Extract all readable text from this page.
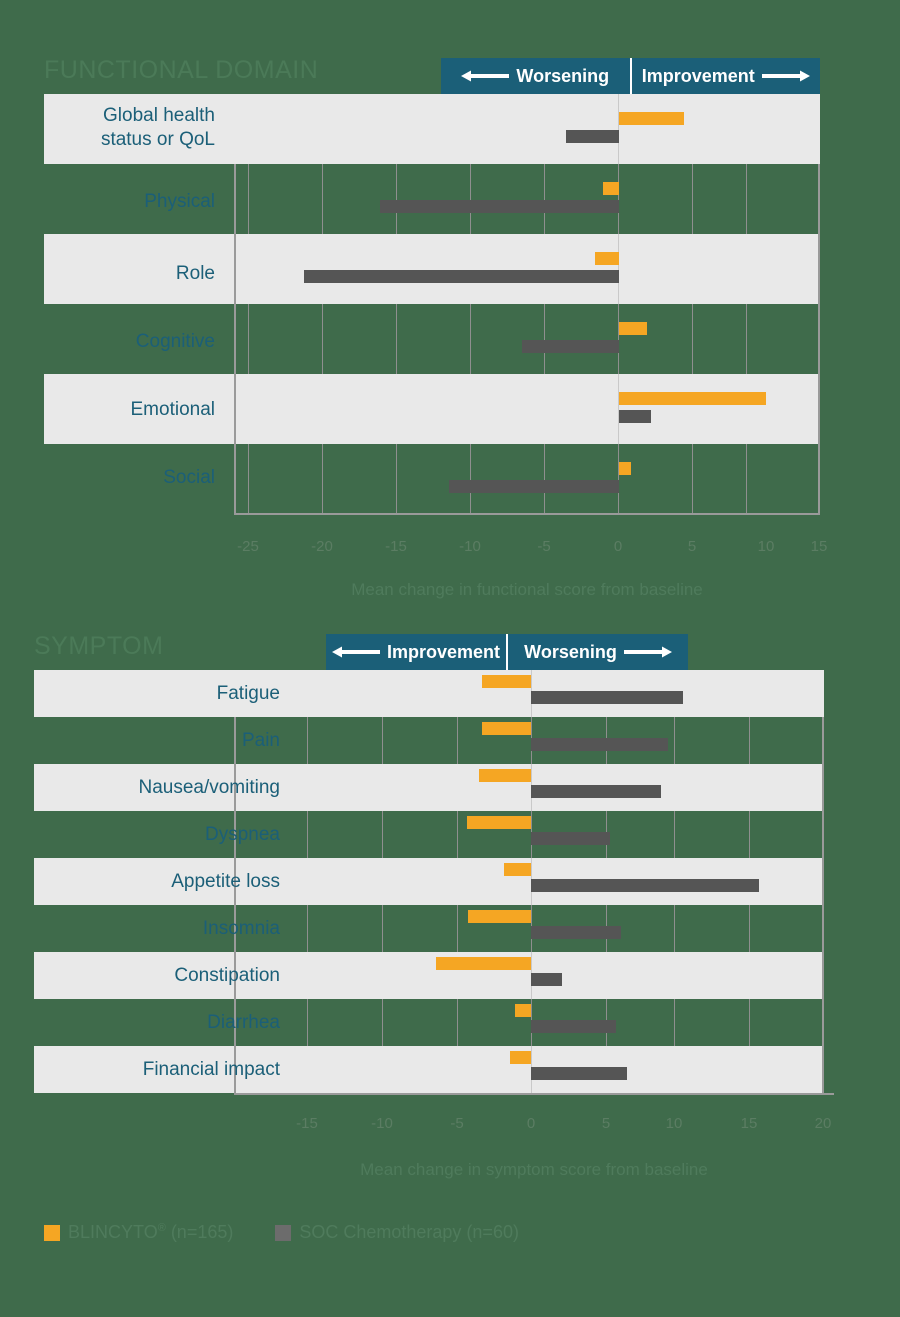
FUNCTIONAL DOMAIN	Worsening Improvement
Global health status or QoL
Physical
Role
Cognitive
Emotional
Social
-25	-20	-15	-10	-5	0	5	10	15
Mean change in functional score from baseline
SYMPTOM	Improvement Worsening
Fatigue
Pain
Nausea/vomiting
Dyspnea
Appetite loss
Insomnia
Constipation
Diarrhea
Financial impact
-15	-10	-5	0	5	10	15	20
Mean change in symptom score from baseline
BLINCYTO® (n=165)	SOC Chemotherapy (n=60)
